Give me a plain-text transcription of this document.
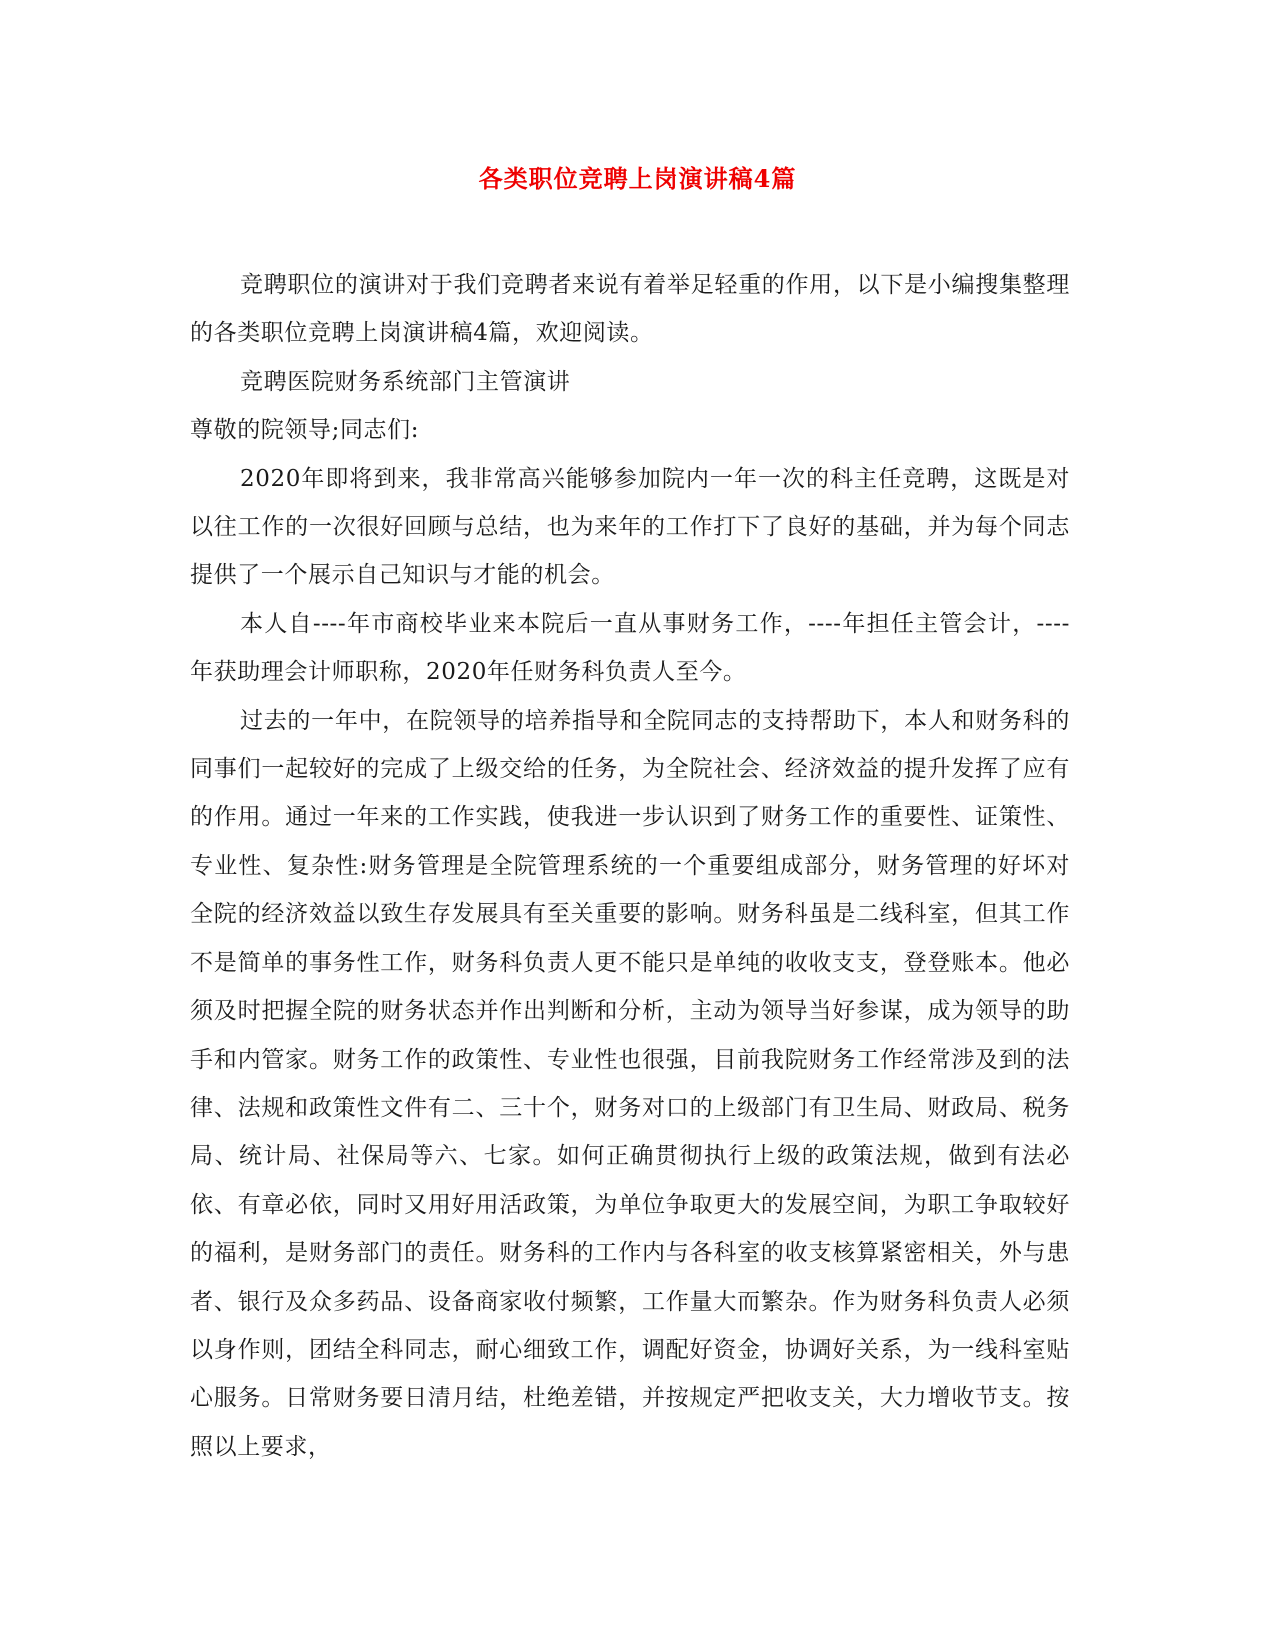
各类职位竞聘上岗演讲稿4篇

竞聘职位的演讲对于我们竞聘者来说有着举足轻重的作用，以下是小编搜集整理的各类职位竞聘上岗演讲稿4篇，欢迎阅读。

竞聘医院财务系统部门主管演讲

尊敬的院领导;同志们:

2020年即将到来，我非常高兴能够参加院内一年一次的科主任竞聘，这既是对以往工作的一次很好回顾与总结，也为来年的工作打下了良好的基础，并为每个同志提供了一个展示自己知识与才能的机会。

本人自----年市商校毕业来本院后一直从事财务工作，----年担任主管会计，----年获助理会计师职称，2020年任财务科负责人至今。

过去的一年中，在院领导的培养指导和全院同志的支持帮助下，本人和财务科的同事们一起较好的完成了上级交给的任务，为全院社会、经济效益的提升发挥了应有的作用。通过一年来的工作实践，使我进一步认识到了财务工作的重要性、证策性、专业性、复杂性:财务管理是全院管理系统的一个重要组成部分，财务管理的好坏对全院的经济效益以致生存发展具有至关重要的影响。财务科虽是二线科室，但其工作不是简单的事务性工作，财务科负责人更不能只是单纯的收收支支，登登账本。他必须及时把握全院的财务状态并作出判断和分析，主动为领导当好参谋，成为领导的助手和内管家。财务工作的政策性、专业性也很强，目前我院财务工作经常涉及到的法律、法规和政策性文件有二、三十个，财务对口的上级部门有卫生局、财政局、税务局、统计局、社保局等六、七家。如何正确贯彻执行上级的政策法规，做到有法必依、有章必依，同时又用好用活政策，为单位争取更大的发展空间，为职工争取较好的福利，是财务部门的责任。财务科的工作内与各科室的收支核算紧密相关，外与患者、银行及众多药品、设备商家收付频繁，工作量大而繁杂。作为财务科负责人必须以身作则，团结全科同志，耐心细致工作，调配好资金，协调好关系，为一线科室贴心服务。日常财务要日清月结，杜绝差错，并按规定严把收支关，大力增收节支。按照以上要求，
